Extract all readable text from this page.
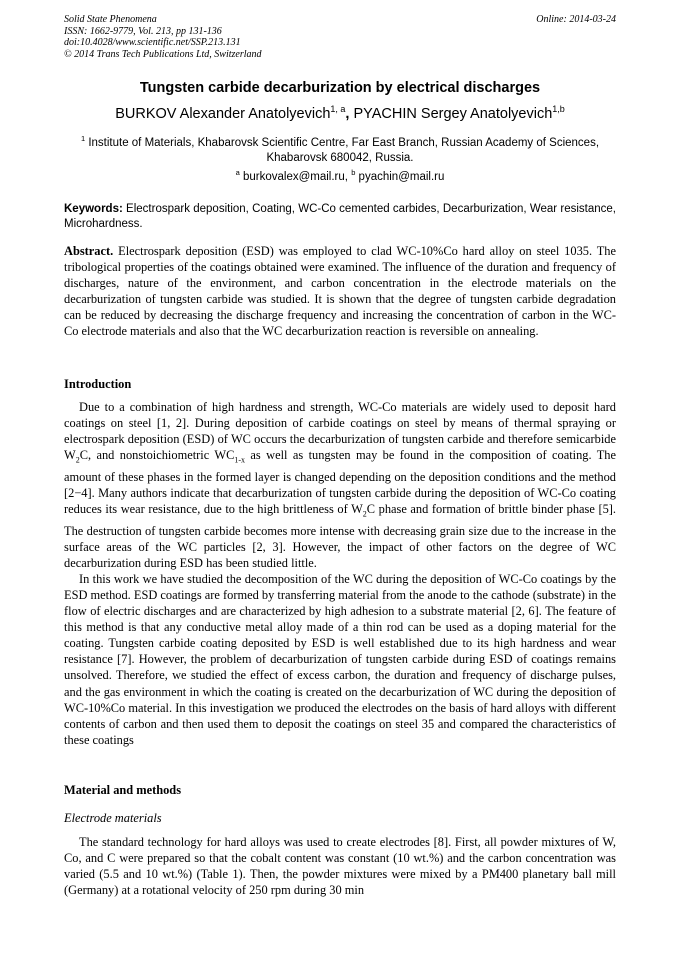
Solid State Phenomena
ISSN: 1662-9779, Vol. 213, pp 131-136
doi:10.4028/www.scientific.net/SSP.213.131
© 2014 Trans Tech Publications Ltd, Switzerland
Online: 2014-03-24
Tungsten carbide decarburization by electrical discharges
BURKOV Alexander Anatolyevich$^{1, a}$, PYACHIN Sergey Anatolyevich$^{1,b}$
$^1$ Institute of Materials, Khabarovsk Scientific Centre, Far East Branch, Russian Academy of Sciences, Khabarovsk 680042, Russia.
$^a$ burkovalex@mail.ru, $^b$ pyachin@mail.ru
Keywords: Electrospark deposition, Coating, WC-Co cemented carbides, Decarburization, Wear resistance, Microhardness.
Abstract. Electrospark deposition (ESD) was employed to clad WC-10%Co hard alloy on steel 1035. The tribological properties of the coatings obtained were examined. The influence of the duration and frequency of discharges, nature of the environment, and carbon concentration in the electrode materials on the decarburization of tungsten carbide was studied. It is shown that the degree of tungsten carbide degradation can be reduced by decreasing the discharge frequency and increasing the concentration of carbon in the WC-Co electrode materials and also that the WC decarburization reaction is reversible on annealing.
Introduction

Due to a combination of high hardness and strength, WC-Co materials are widely used to deposit hard coatings on steel [1, 2]. During deposition of carbide coatings on steel by means of thermal spraying or electrospark deposition (ESD) of WC occurs the decarburization of tungsten carbide and therefore semicarbide $W_2C$, and nonstoichiometric $WC_{1-x}$ as well as tungsten may be found in the composition of coating. The amount of these phases in the formed layer is changed depending on the deposition conditions and the method [2−4]. Many authors indicate that decarburization of tungsten carbide during the deposition of WC-Co coating reduces its wear resistance, due to the high brittleness of $W_2C$ phase and formation of brittle binder phase [5]. The destruction of tungsten carbide becomes more intense with decreasing grain size due to the increase in the surface areas of the WC particles [2, 3]. However, the impact of other factors on the degree of WC decarburization during ESD has been studied little.

In this work we have studied the decomposition of the WC during the deposition of WC-Co coatings by the ESD method. ESD coatings are formed by transferring material from the anode to the cathode (substrate) in the flow of electric discharges and are characterized by high adhesion to a substrate material [2, 6]. The feature of this method is that any conductive metal alloy made of a thin rod can be used as a doping material for the coating. Tungsten carbide coating deposited by ESD is well established due to its high hardness and wear resistance [7]. However, the problem of decarburization of tungsten carbide during ESD of coatings remains unsolved. Therefore, we studied the effect of excess carbon, the duration and frequency of discharge pulses, and the gas environment in which the coating is created on the decarburization of WC during the deposition of WC-10%Co material. In this investigation we produced the electrodes on the basis of hard alloys with different contents of carbon and then used them to deposit the coatings on steel 35 and compared the characteristics of these coatings

Material and methods
Electrode materials

The standard technology for hard alloys was used to create electrodes [8]. First, all powder mixtures of W, Co, and C were prepared so that the cobalt content was constant (10 wt.%) and the carbon concentration was varied (5.5 and 10 wt.%) (Table 1). Then, the powder mixtures were mixed by a PM400 planetary ball mill (Germany) at a rotational velocity of 250 rpm during 30 min
